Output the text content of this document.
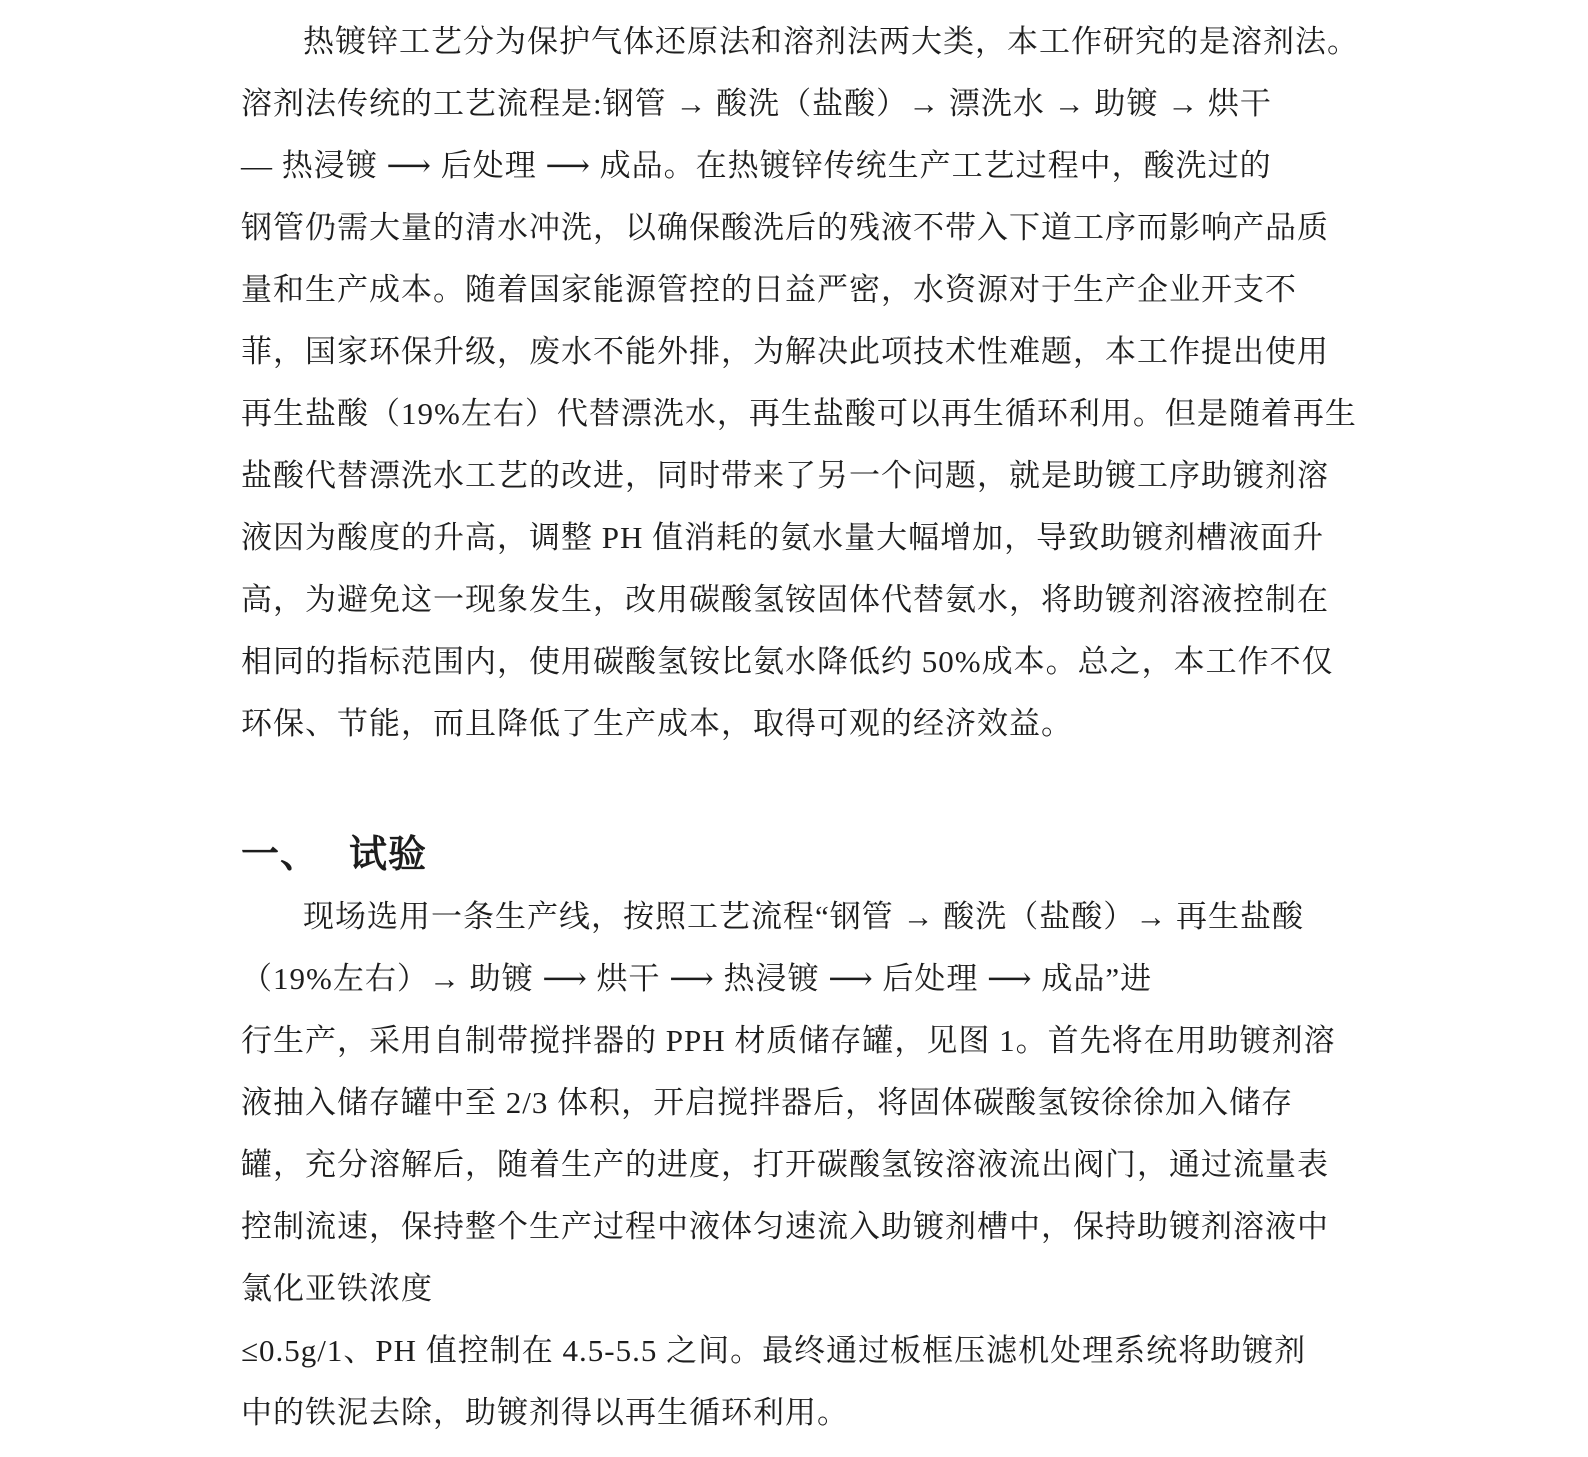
热镀锌工艺分为保护气体还原法和溶剂法两大类，本工作研究的是溶剂法。
溶剂法传统的工艺流程是:钢管 → 酸洗（盐酸）→ 漂洗水 → 助镀 → 烘干
— 热浸镀 ⟶ 后处理 ⟶ 成品。在热镀锌传统生产工艺过程中，酸洗过的
钢管仍需大量的清水冲洗，以确保酸洗后的残液不带入下道工序而影响产品质
量和生产成本。随着国家能源管控的日益严密，水资源对于生产企业开支不
菲，国家环保升级，废水不能外排，为解决此项技术性难题，本工作提出使用
再生盐酸（19%左右）代替漂洗水，再生盐酸可以再生循环利用。但是随着再生
盐酸代替漂洗水工艺的改进，同时带来了另一个问题，就是助镀工序助镀剂溶
液因为酸度的升高，调整 PH 值消耗的氨水量大幅增加，导致助镀剂槽液面升
高，为避免这一现象发生，改用碳酸氢铵固体代替氨水，将助镀剂溶液控制在
相同的指标范围内，使用碳酸氢铵比氨水降低约 50%成本。总之，本工作不仅
环保、节能，而且降低了生产成本，取得可观的经济效益。
一、 试验
现场选用一条生产线，按照工艺流程“钢管 → 酸洗（盐酸）→ 再生盐酸
（19%左右）→ 助镀 ⟶ 烘干 ⟶ 热浸镀 ⟶ 后处理 ⟶ 成品”进
行生产，采用自制带搅拌器的 PPH 材质储存罐，见图 1。首先将在用助镀剂溶
液抽入储存罐中至 2/3 体积，开启搅拌器后，将固体碳酸氢铵徐徐加入储存
罐，充分溶解后，随着生产的进度，打开碳酸氢铵溶液流出阀门，通过流量表
控制流速，保持整个生产过程中液体匀速流入助镀剂槽中，保持助镀剂溶液中
氯化亚铁浓度
≤0.5g/1、PH 值控制在 4.5-5.5 之间。最终通过板框压滤机处理系统将助镀剂
中的铁泥去除，助镀剂得以再生循环利用。
